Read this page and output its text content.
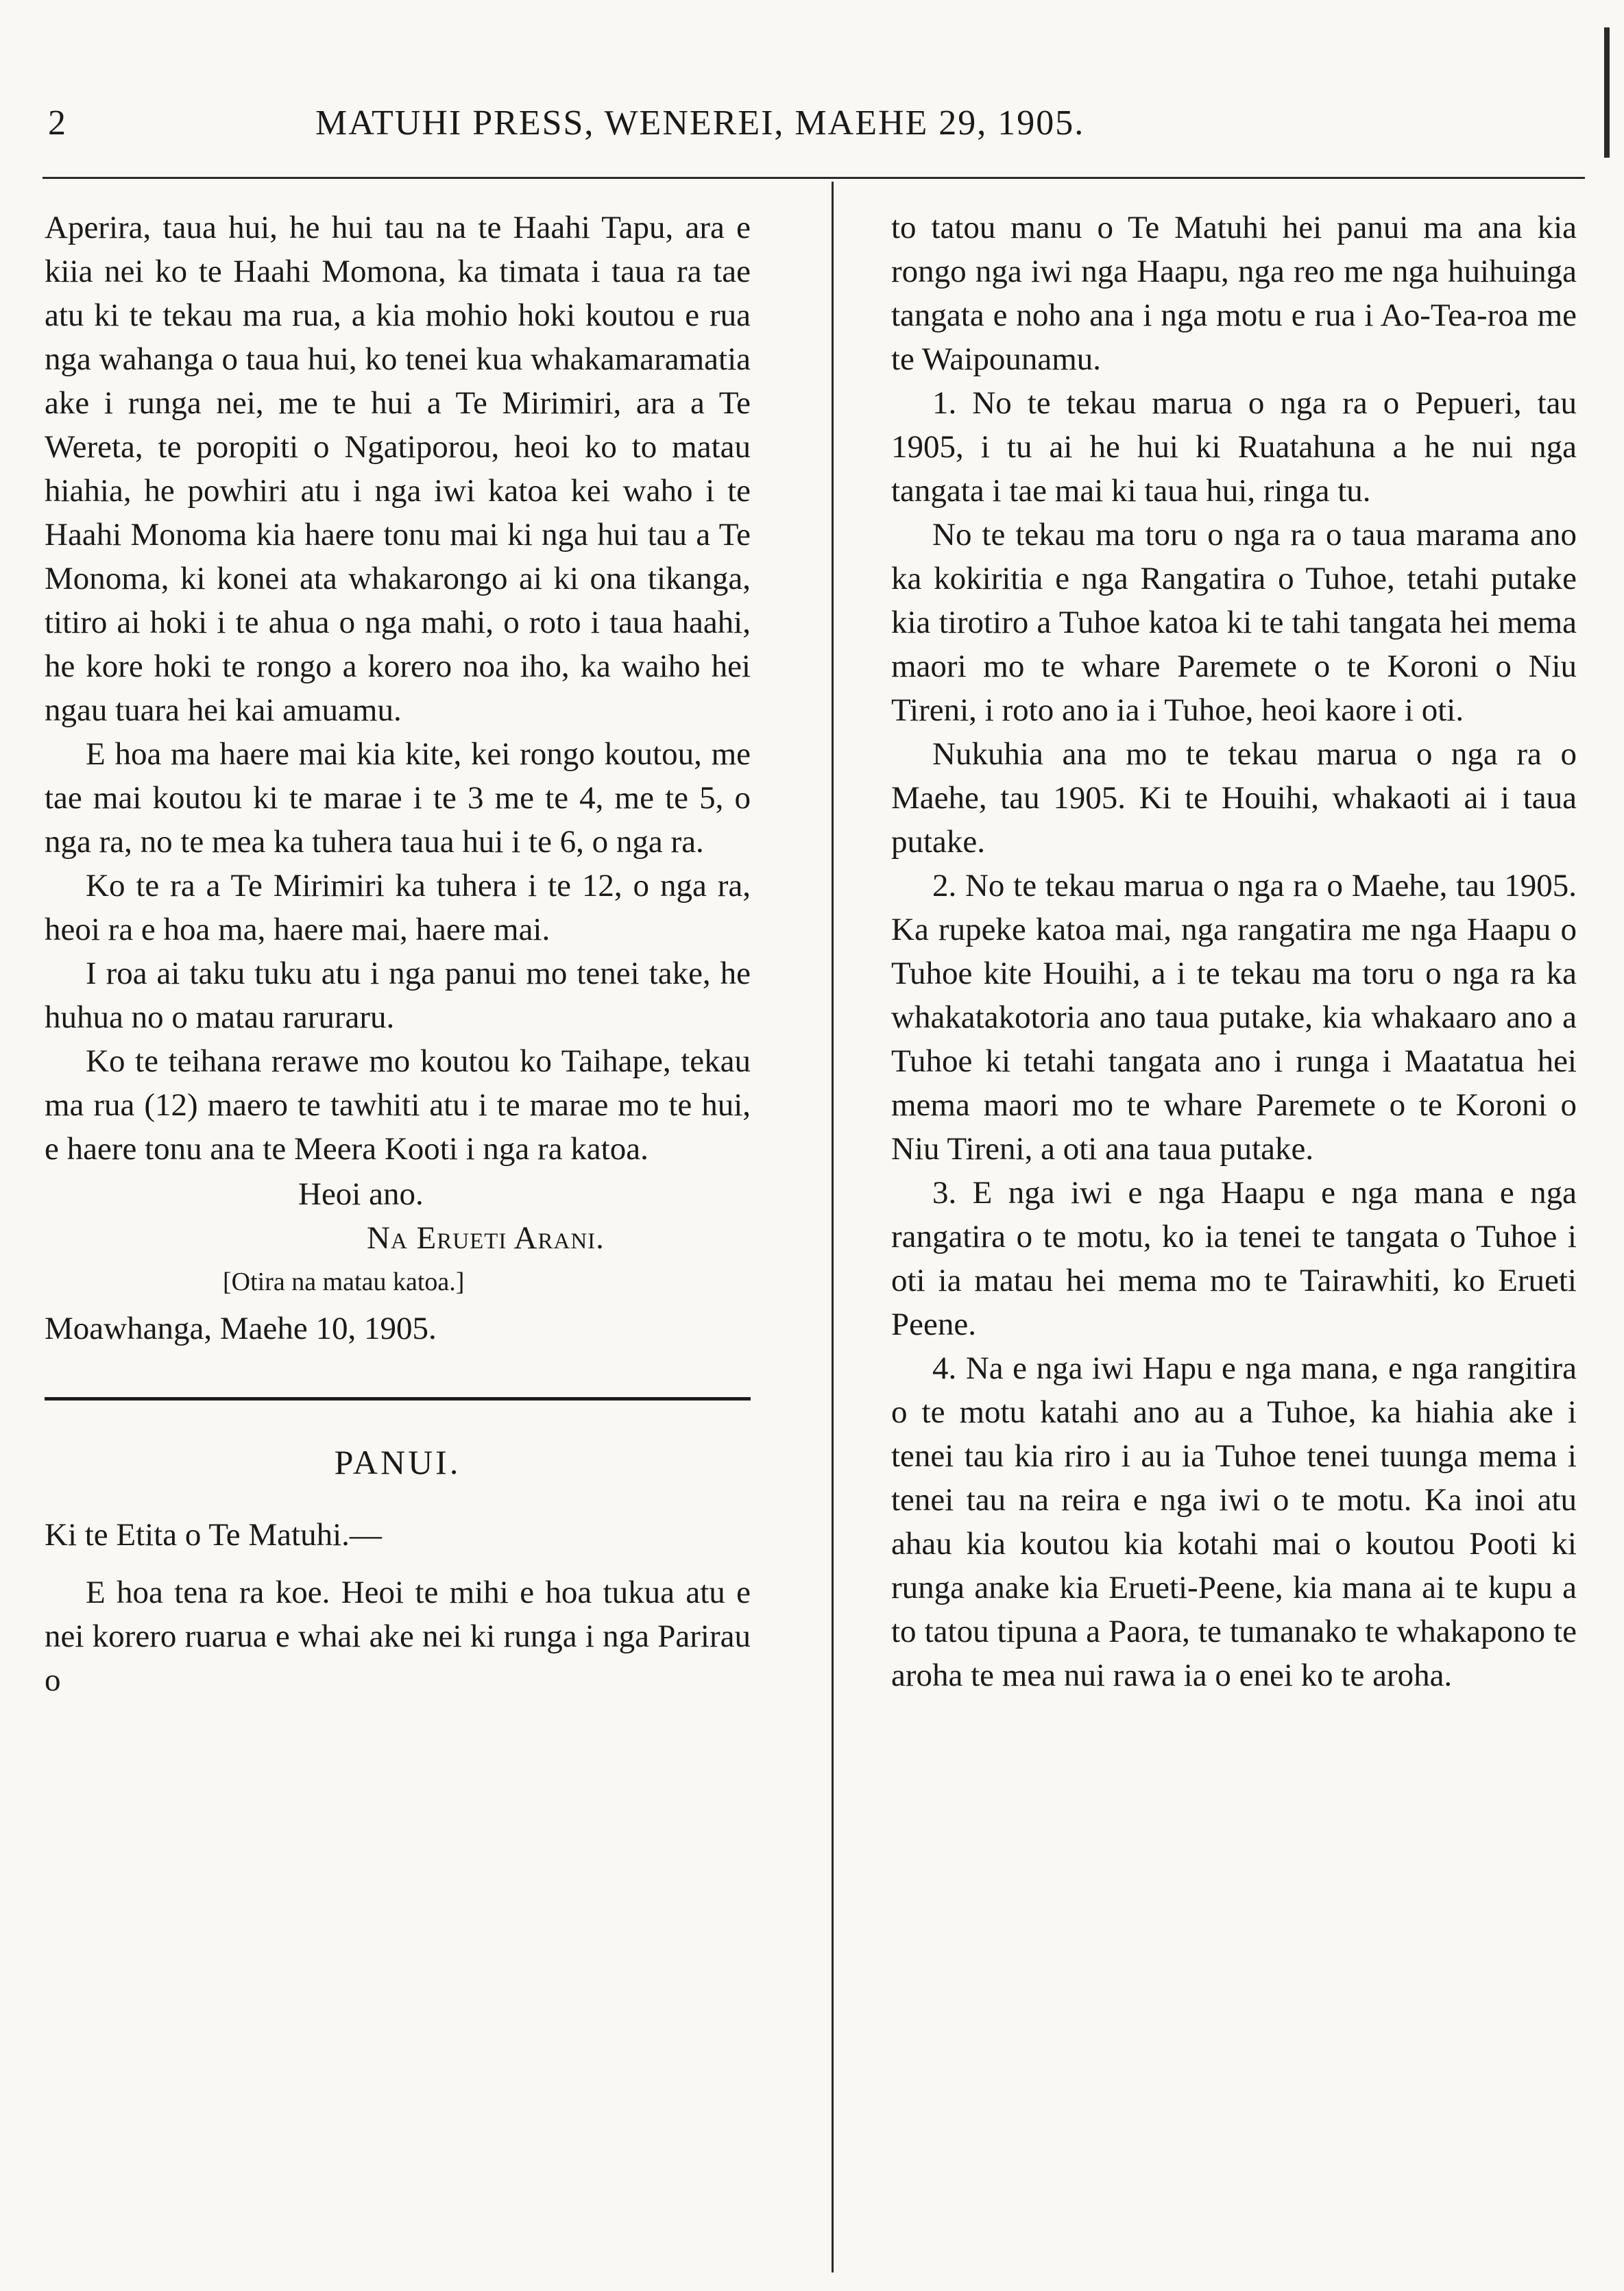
2	MATUHI PRESS, WENEREI, MAEHE 29, 1905.

Aperira, taua hui, he hui tau na te Haahi Tapu, ara e kiia nei ko te Haahi Momona, ka timata i taua ra tae atu ki te tekau ma rua, a kia mohio hoki koutou e rua nga wahanga o taua hui, ko tenei kua whakamaramatia ake i runga nei, me te hui a Te Mirimiri, ara a Te Wereta, te poropiti o Ngatiporou, heoi ko to matau hiahia, he powhiri atu i nga iwi katoa kei waho i te Haahi Monoma kia haere tonu mai ki nga hui tau a Te Monoma, ki konei ata whakarongo ai ki ona tikanga, titiro ai hoki i te ahua o nga mahi, o roto i taua haahi, he kore hoki te rongo a korero noa iho, ka waiho hei ngau tuara hei kai amuamu.

E hoa ma haere mai kia kite, kei rongo koutou, me tae mai koutou ki te marae i te 3 me te 4, me te 5, o nga ra, no te mea ka tuhera taua hui i te 6, o nga ra.

Ko te ra a Te Mirimiri ka tuhera i te 12, o nga ra, heoi ra e hoa ma, haere mai, haere mai.

I roa ai taku tuku atu i nga panui mo tenei take, he huhua no o matau raruraru.

Ko te teihana rerawe mo koutou ko Taihape, tekau ma rua (12) maero te tawhiti atu i te marae mo te hui, e haere tonu ana te Meera Kooti i nga ra katoa.

Heoi ano.
Na Erueti Arani.
[Otira na matau katoa.]
Moawhanga, Maehe 10, 1905.
PANUI.
Ki te Etita o Te Matuhi.—

E hoa tena ra koe. Heoi te mihi e hoa tukua atu e nei korero ruarua e whai ake nei ki runga i nga Parirau o

to tatou manu o Te Matuhi hei panui ma ana kia rongo nga iwi nga Haapu, nga reo me nga huihuinga tangata e noho ana i nga motu e rua i Ao-Tea-roa me te Waipounamu.

1. No te tekau marua o nga ra o Pepueri, tau 1905, i tu ai he hui ki Ruatahuna a he nui nga tangata i tae mai ki taua hui, ringa tu.

No te tekau ma toru o nga ra o taua marama ano ka kokiritia e nga Rangatira o Tuhoe, tetahi putake kia tirotiro a Tuhoe katoa ki te tahi tangata hei mema maori mo te whare Paremete o te Koroni o Niu Tireni, i roto ano ia i Tuhoe, heoi kaore i oti.

Nukuhia ana mo te tekau marua o nga ra o Maehe, tau 1905. Ki te Houihi, whakaoti ai i taua putake.

2. No te tekau marua o nga ra o Maehe, tau 1905. Ka rupeke katoa mai, nga rangatira me nga Haapu o Tuhoe kite Houihi, a i te tekau ma toru o nga ra ka whakatakotoria ano taua putake, kia whakaaro ano a Tuhoe ki tetahi tangata ano i runga i Maatatua hei mema maori mo te whare Paremete o te Koroni o Niu Tireni, a oti ana taua putake.

3. E nga iwi e nga Haapu e nga mana e nga rangatira o te motu, ko ia tenei te tangata o Tuhoe i oti ia matau hei mema mo te Tairawhiti, ko Erueti Peene.

4. Na e nga iwi Hapu e nga mana, e nga rangitira o te motu katahi ano au a Tuhoe, ka hiahia ake i tenei tau kia riro i au ia Tuhoe tenei tuunga mema i tenei tau na reira e nga iwi o te motu. Ka inoi atu ahau kia koutou kia kotahi mai o koutou Pooti ki runga anake kia Erueti-Peene, kia mana ai te kupu a to tatou tipuna a Paora, te tumanako te whakapono te aroha te mea nui rawa ia o enei ko te aroha.
